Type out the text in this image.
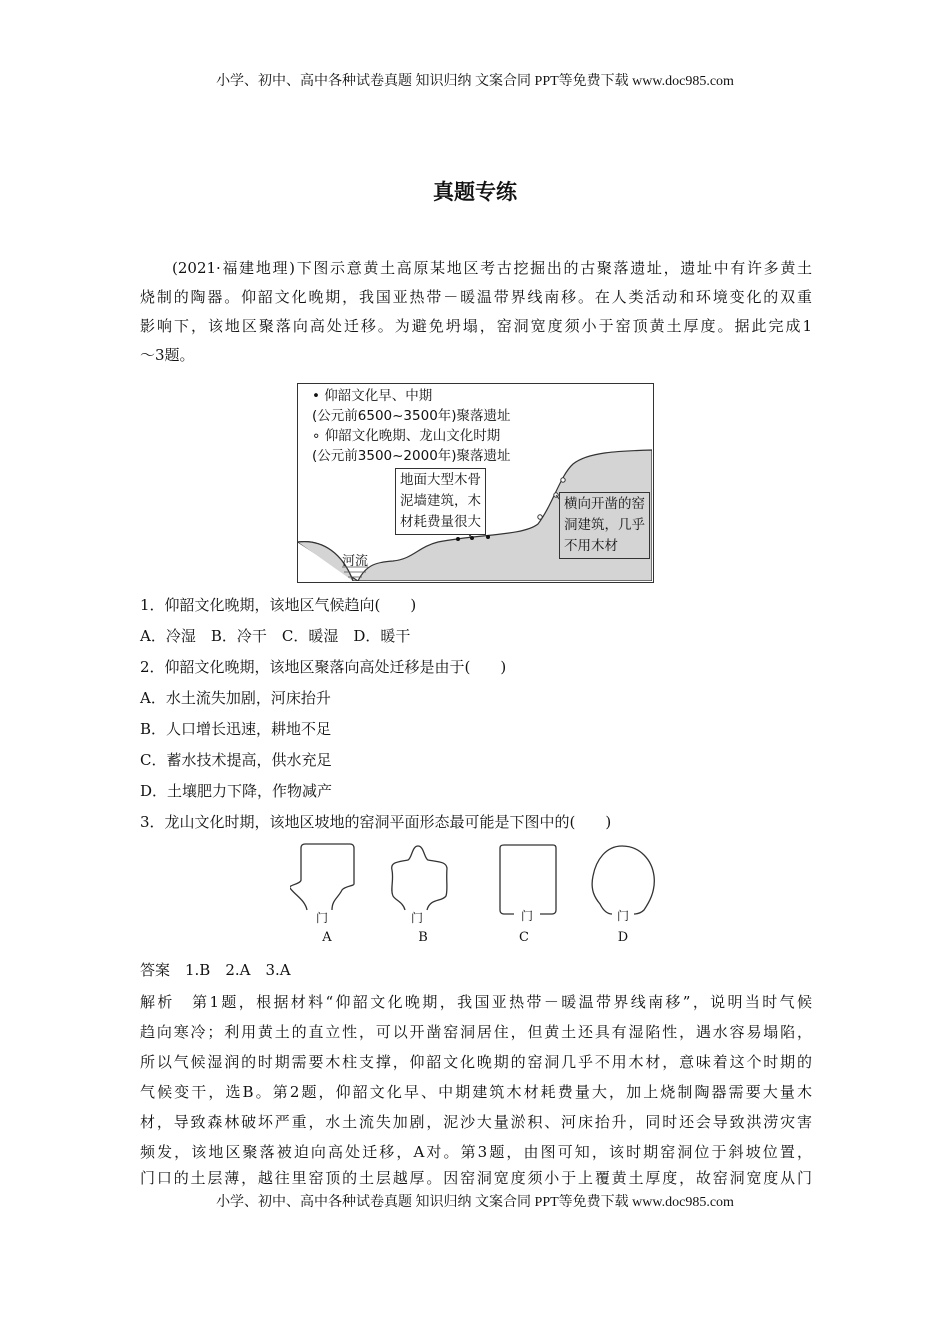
小学、初中、高中各种试卷真题 知识归纳 文案合同 PPT等免费下载 www.doc985.com
真题专练
(2021·福建地理)下图示意黄土高原某地区考古挖掘出的古聚落遗址，遗址中有许多黄土
烧制的陶器。仰韶文化晚期，我国亚热带－暖温带界线南移。在人类活动和环境变化的双重
影响下，该地区聚落向高处迁移。为避免坍塌，窑洞宽度须小于窑顶黄土厚度。据此完成1
～3题。
• 仰韶文化早、中期
(公元前6500~3500年)聚落遗址
∘ 仰韶文化晚期、龙山文化时期
(公元前3500~2000年)聚落遗址
地面大型木骨
泥墙建筑，木
材耗费量很大
横向开凿的窑
洞建筑，几乎
不用木材
河流
1．仰韶文化晚期，该地区气候趋向(　　)
A．冷湿　B．冷干　C．暖湿　D．暖干
2．仰韶文化晚期，该地区聚落向高处迁移是由于(　　)
A．水土流失加剧，河床抬升
B．人口增长迅速，耕地不足
C．蓄水技术提高，供水充足
D．土壤肥力下降，作物减产
3．龙山文化时期，该地区坡地的窑洞平面形态最可能是下图中的(　　)
门	门	门	门
A	B	C	D
答案　1.B　2.A　3.A
解析　第1题，根据材料“仰韶文化晚期，我国亚热带－暖温带界线南移”，说明当时气候
趋向寒冷；利用黄土的直立性，可以开凿窑洞居住，但黄土还具有湿陷性，遇水容易塌陷，
所以气候湿润的时期需要木柱支撑，仰韶文化晚期的窑洞几乎不用木材，意味着这个时期的
气候变干，选B。第2题，仰韶文化早、中期建筑木材耗费量大，加上烧制陶器需要大量木
材，导致森林破坏严重，水土流失加剧，泥沙大量淤积、河床抬升，同时还会导致洪涝灾害
频发，该地区聚落被迫向高处迁移，A对。第3题，由图可知，该时期窑洞位于斜坡位置，
门口的土层薄，越往里窑顶的土层越厚。因窑洞宽度须小于上覆黄土厚度，故窑洞宽度从门
小学、初中、高中各种试卷真题 知识归纳 文案合同 PPT等免费下载 www.doc985.com
